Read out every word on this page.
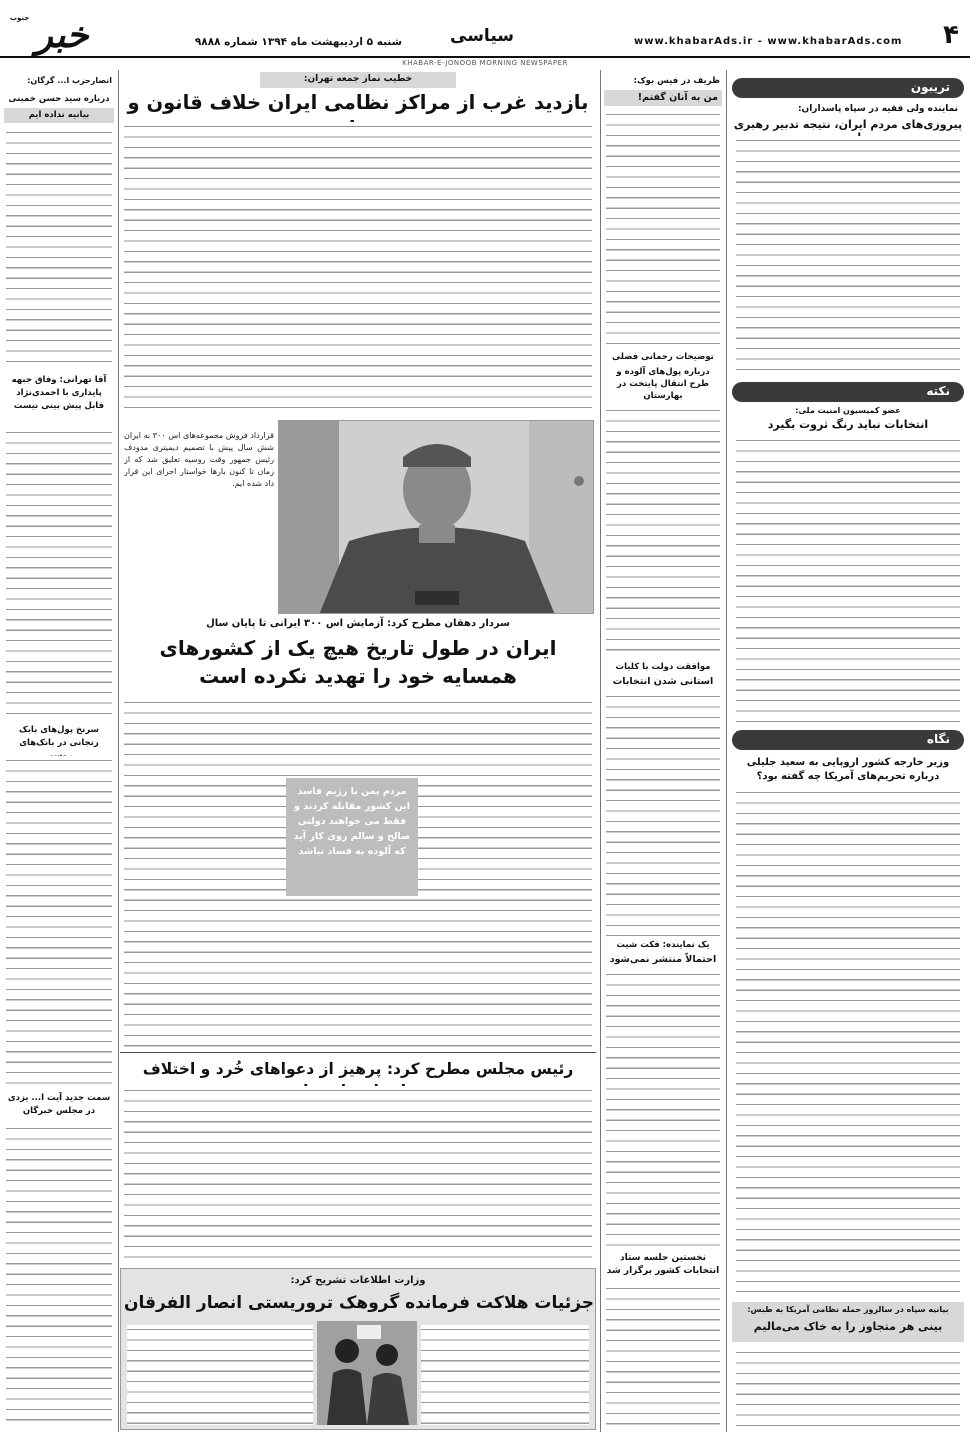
۴
www.khabarAds.ir - www.khabarAds.com
سیاسی
شنبه ۵ اردیبهشت ماه ۱۳۹۴ شماره ۹۸۸۸
خبر
جنوب
KHABAR-E-JONOOB MORNING NEWSPAPER
تریبون
نماینده ولی فقیه در سپاه پاسداران:
پیروزی‌های مردم ایران، نتیجه تدبیر رهبری
نکته
عضو کمیسیون امنیت ملی:
انتخابات نباید رنگ ثروت بگیرد
نگاه
وزیر خارجه کشور اروپایی به سعید جلیلی درباره تحریم‌های آمریکا چه گفته بود؟
بیانیه سپاه در سالروز حمله نظامی آمریکا به طبس:
بینی هر متجاوز را به خاک می‌مالیم
ظریف در فیس بوک:
من به آنان گفتم!
توضیحات رحمانی فضلی
درباره پول‌های آلوده و طرح انتقال پایتخت در بهارستان
موافقت دولت با کلیات
استانی شدن انتخابات
یک نماینده: فکت شیت
احتمالاً منتشر نمی‌شود
نخستین جلسه ستاد انتخابات کشور برگزار شد
خطیب نماز جمعه تهران:
بازدید غرب از مراکز نظامی ایران خلاف قانون و
قرارداد فروش مجموعه‌های اس ۳۰۰ به ایران شش سال پیش با تصمیم دیمیتری مدودف رئیس جمهور وقت روسیه تعلیق شد که از زمان تا کنون بارها خواستار اجرای این قرار داد شده ایم.
سردار دهقان مطرح کرد: آزمایش اس ۳۰۰ ایرانی تا پایان سال
ایران در طول تاریخ هیچ یک از کشورهای همسایه خود را تهدید نکرده است
مردم یمن با رژیم فاسد این کشور مقابله کردند و فقط می خواهند دولتی صالح و سالم روی کار آید که آلوده به فساد نباشد
رئیس مجلس مطرح کرد: پرهیز از دعواهای خُرد و اختلاف
وزارت اطلاعات تشریح کرد:
جزئیات هلاکت فرمانده گروهک تروریستی انصار الفرقان
انصارحزب ا... گرگان:
درباره سید حسن خمینی
بیانیه نداده ایم
آقا تهرانی: وفاق جبهه پایداری با احمدی‌نژاد قابل پیش بینی نیست
سرنخ پول‌های بابک زنجانی در بانک‌های
سمت جدید آیت ا... یزدی در مجلس خبرگان
